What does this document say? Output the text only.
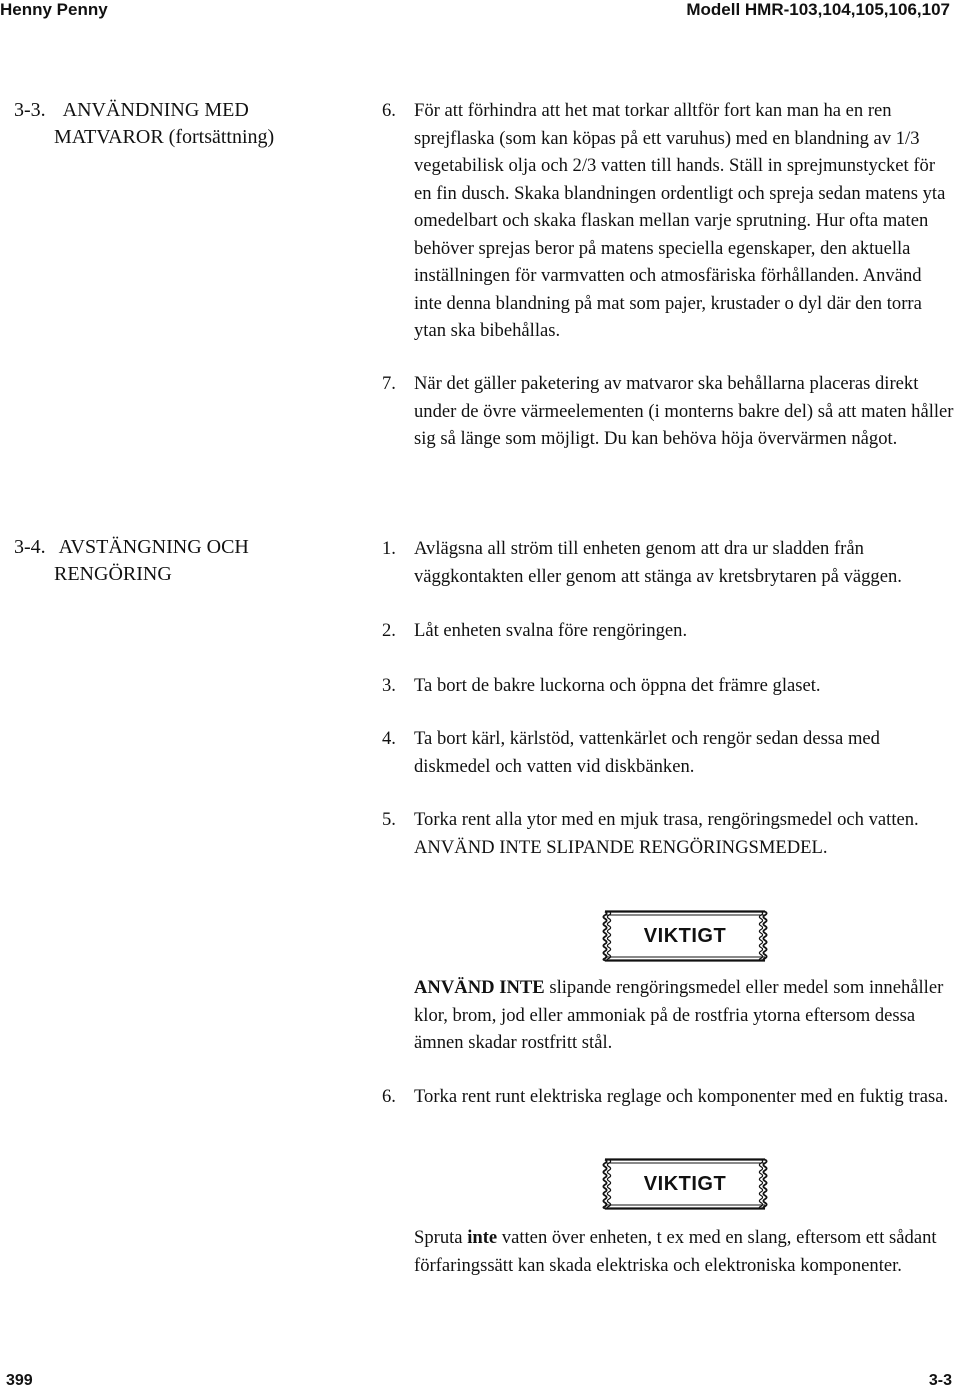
Henny Penny	Modell HMR-103,104,105,106,107
3-3. ANVÄNDNING MED
MATVAROR (fortsättning)
6. För att förhindra att het mat torkar alltför fort kan man ha en ren sprejflaska (som kan köpas på ett varuhus) med en blandning av 1/3 vegetabilisk olja och 2/3 vatten till hands. Ställ in sprejmunstycket för en fin dusch. Skaka blandningen ordentligt och spreja sedan matens yta omedelbart och skaka flaskan mellan varje sprutning. Hur ofta maten behöver sprejas beror på matens speciella egenskaper, den aktuella inställningen för varmvatten och atmosfäriska förhållanden. Använd inte denna blandning på mat som pajer, krustader o dyl där den torra ytan ska bibehållas.
7. När det gäller paketering av matvaror ska behållarna placeras direkt under de övre värmeelementen (i monterns bakre del) så att maten håller sig så länge som möjligt. Du kan behöva höja övervärmen något.
3-4. AVSTÄNGNING OCH
RENGÖRING
1. Avlägsna all ström till enheten genom att dra ur sladden från väggkontakten eller genom att stänga av kretsbrytaren på väggen.
2. Låt enheten svalna före rengöringen.
3. Ta bort de bakre luckorna och öppna det främre glaset.
4. Ta bort kärl, kärlstöd, vattenkärlet och rengör sedan dessa med diskmedel och vatten vid diskbänken.
5. Torka rent alla ytor med en mjuk trasa, rengöringsmedel och vatten. ANVÄND INTE SLIPANDE RENGÖRINGSMEDEL.
VIKTIGT
ANVÄND INTE slipande rengöringsmedel eller medel som innehåller klor, brom, jod eller ammoniak på de rostfria ytorna eftersom dessa ämnen skadar rostfritt stål.
6. Torka rent runt elektriska reglage och komponenter med en fuktig trasa.
VIKTIGT
Spruta inte vatten över enheten, t ex med en slang, eftersom ett sådant förfaringssätt kan skada elektriska och elektroniska komponenter.
399	3-3
